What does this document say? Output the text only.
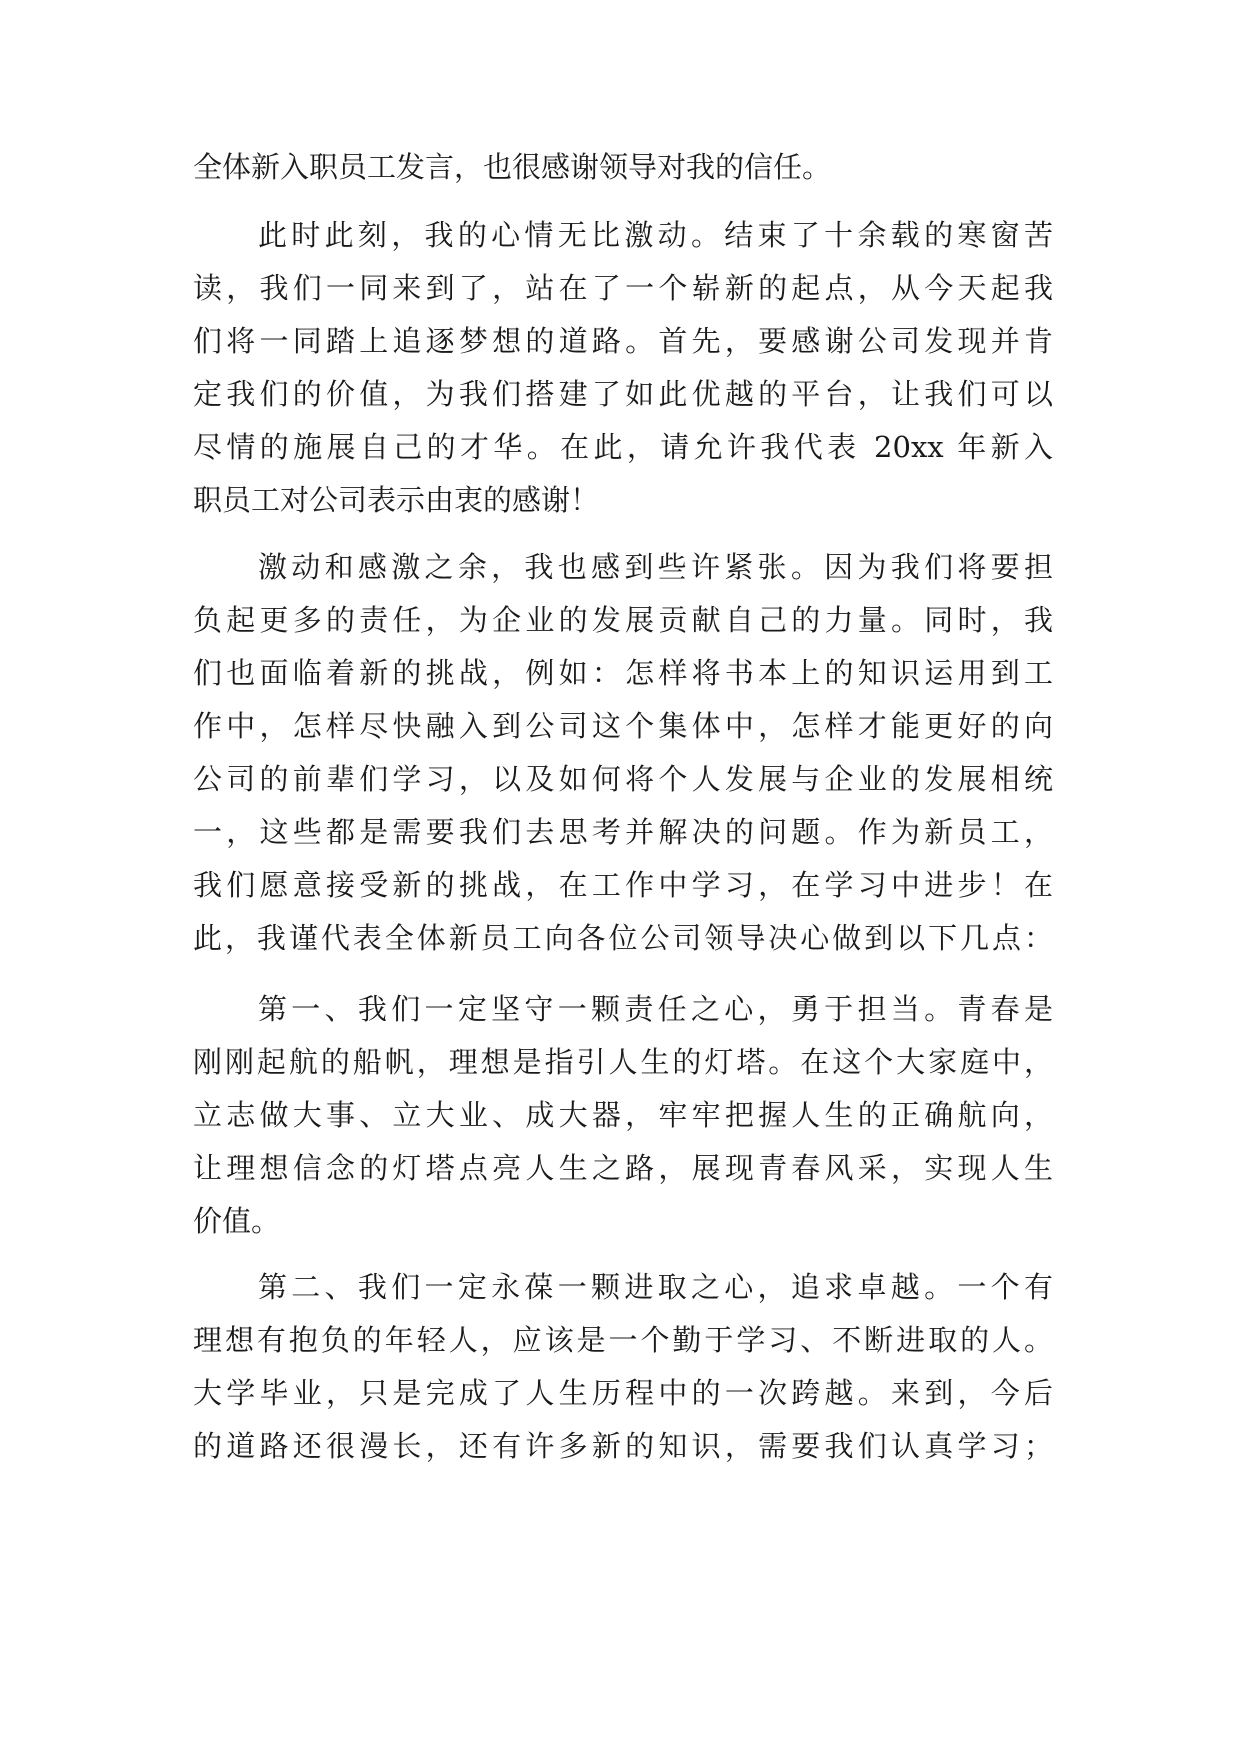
全体新入职员工发言，也很感谢领导对我的信任。
此时此刻，我的心情无比激动。结束了十余载的寒窗苦
读，我们一同来到了，站在了一个崭新的起点，从今天起我
们将一同踏上追逐梦想的道路。首先，要感谢公司发现并肯
定我们的价值，为我们搭建了如此优越的平台，让我们可以
尽情的施展自己的才华。在此，请允许我代表 20xx 年新入
职员工对公司表示由衷的感谢！
激动和感激之余，我也感到些许紧张。因为我们将要担
负起更多的责任，为企业的发展贡献自己的力量。同时，我
们也面临着新的挑战，例如：怎样将书本上的知识运用到工
作中，怎样尽快融入到公司这个集体中，怎样才能更好的向
公司的前辈们学习，以及如何将个人发展与企业的发展相统
一，这些都是需要我们去思考并解决的问题。作为新员工，
我们愿意接受新的挑战，在工作中学习，在学习中进步！在
此，我谨代表全体新员工向各位公司领导决心做到以下几点：
第一、我们一定坚守一颗责任之心，勇于担当。青春是
刚刚起航的船帆，理想是指引人生的灯塔。在这个大家庭中，
立志做大事、立大业、成大器，牢牢把握人生的正确航向，
让理想信念的灯塔点亮人生之路，展现青春风采，实现人生
价值。
第二、我们一定永葆一颗进取之心，追求卓越。一个有
理想有抱负的年轻人，应该是一个勤于学习、不断进取的人。
大学毕业，只是完成了人生历程中的一次跨越。来到，今后
的道路还很漫长，还有许多新的知识，需要我们认真学习；
